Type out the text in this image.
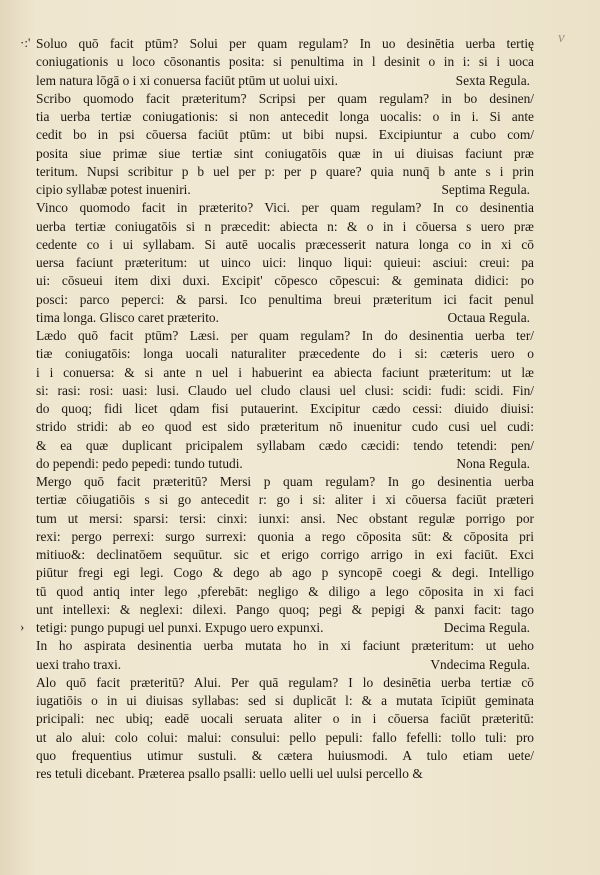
v
·:'
›
Soluo quō facit ptūm? Solui per quam regulam? In uo desinētia uerba tertię
coniugationis u loco cōsonantis posita: si penultima in l desinit o in i: si i uoca
lem natura lōgā o i xi conuersa faciūt ptūm ut uolui uixi.	Sexta Regula.
Scribo quomodo facit præteritum? Scripsi per quam regulam? in bo desinen/
tia uerba tertiæ coniugationis: si non antecedit longa uocalis: o in i. Si ante
cedit bo in psi cōuersa faciūt ptūm: ut bibi nupsi. Excipiuntur a cubo com/
posita siue primæ siue tertiæ sint coniugatōis quæ in ui diuisas faciunt præ
teritum. Nupsi scribitur p b uel per p: per p quare? quia nunq̄ b ante s i prin
cipio syllabæ potest inueniri.	Septima Regula.
Vinco quomodo facit in præterito? Vici. per quam regulam? In co desinentia
uerba tertiæ coniugatōis si n præcedit: abiecta n: & o in i cōuersa s uero præ
cedente co i ui syllabam. Si autē uocalis præcesserit natura longa co in xi cō
uersa faciunt præteritum: ut uinco uici: linquo liqui: quieui: asciui: creui: pa
ui: cōsueui item dixi duxi. Excipit' cōpesco cōpescui: & geminata didici: po
posci: parco peperci: & parsi. Ico penultima breui præteritum ici facit penul
tima longa. Glisco caret præterito.	Octaua Regula.
Lædo quō facit ptūm? Læsi. per quam regulam? In do desinentia uerba ter/
tiæ coniugatōis: longa uocali naturaliter præcedente do i si: cæteris uero o
i i conuersa: & si ante n uel i habuerint ea abiecta faciunt præteritum: ut læ
si: rasi: rosi: uasi: lusi. Claudo uel cludo clausi uel clusi: scidi: fudi: scidi. Fin/
do quoq; fidi licet qdam fisi putauerint. Excipitur cædo cessi: diuido diuisi:
strido stridi: ab eo quod est sido præteritum nō inuenitur cudo cusi uel cudi:
& ea quæ duplicant pricipalem syllabam cædo cæcidi: tendo tetendi: pen/
do pependi: pedo pepedi: tundo tutudi.	Nona Regula.
Mergo quō facit præteritū? Mersi p quam regulam? In go desinentia uerba
tertiæ cōiugatiōis s si go antecedit r: go i si: aliter i xi cōuersa faciūt præteri
tum ut mersi: sparsi: tersi: cinxi: iunxi: ansi. Nec obstant regulæ porrigo por
rexi: pergo perrexi: surgo surrexi: quonia a rego cōposita sūt: & cōposita pri
mitiuo&: declinatōem sequūtur. sic et erigo corrigo arrigo in exi faciūt. Exci
piūtur fregi egi legi. Cogo & dego ab ago p syncopē coegi & degi. Intelligo
tū quod antiq inter lego ,pferebāt: negligo & diligo a lego cōposita in xi faci
unt intellexi: & neglexi: dilexi. Pango quoq; pegi & pepigi & panxi facit: tago
tetigi: pungo pupugi uel punxi. Expugo uero expunxi.	Decima Regula.
In ho aspirata desinentia uerba mutata ho in xi faciunt præteritum: ut ueho
uexi traho traxi.	Vndecima Regula.
Alo quō facit præteritū? Alui. Per quā regulam? I lo desinētia uerba tertiæ cō
iugatiōis o in ui diuisas syllabas: sed si duplicāt l: & a mutata īcipiūt geminata
pricipali: nec ubiq; eadē uocali seruata aliter o in i cōuersa faciūt præteritū:
ut alo alui: colo colui: malui: consului: pello pepuli: fallo fefelli: tollo tuli: pro
quo frequentius utimur sustuli. & cætera huiusmodi. A tulo etiam uete/
res tetuli dicebant. Præterea psallo psalli: uello uelli uel uulsi percello &
